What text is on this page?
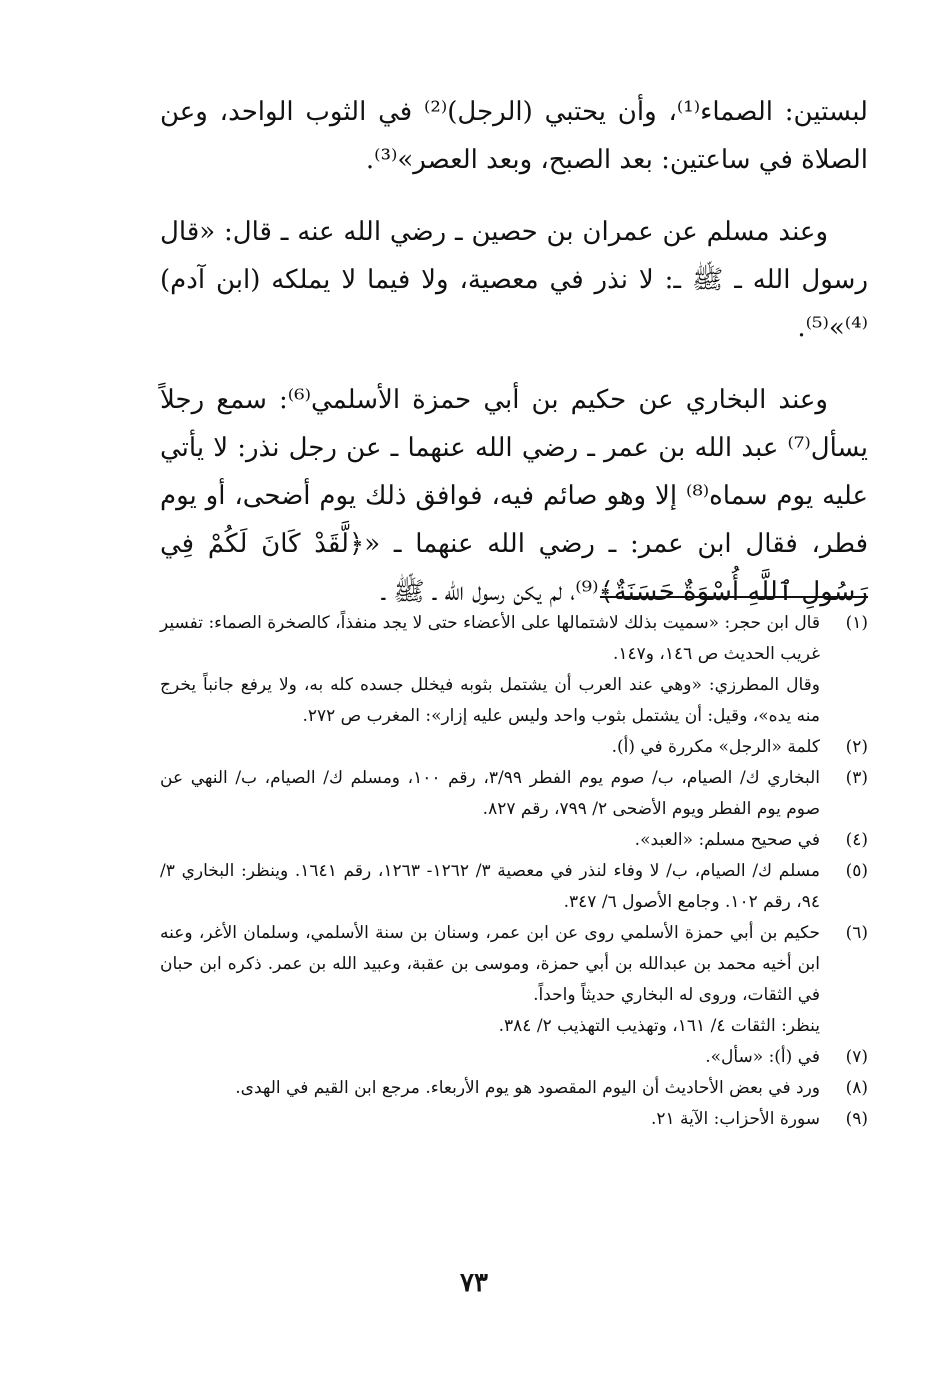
لبستين: الصماء⁽¹⁾، وأن يحتبي (الرجل)⁽²⁾ في الثوب الواحد، وعن الصلاة في ساعتين: بعد الصبح، وبعد العصر»⁽³⁾.

وعند مسلم عن عمران بن حصين ـ رضي الله عنه ـ قال: «قال رسول الله ـ ﷺ ـ: لا نذر في معصية، ولا فيما لا يملكه (ابن آدم)⁽⁴⁾»⁽⁵⁾.

وعند البخاري عن حكيم بن أبي حمزة الأسلمي⁽⁶⁾: سمع رجلاً يسأل⁽⁷⁾ عبد الله بن عمر ـ رضي الله عنهما ـ عن رجل نذر: لا يأتي عليه يوم سماه⁽⁸⁾ إلا وهو صائم فيه، فوافق ذلك يوم أضحى، أو يوم فطر، فقال ابن عمر: ـ رضي الله عنهما ـ «﴿لَّقَدْ كَانَ لَكُمْ فِي رَسُولِ ٱللَّهِ أُسْوَةٌ حَسَنَةٌ﴾⁽⁹⁾، لم يكن رسول الله ـ ﷺ ـ

(١)
قال ابن حجر: «سميت بذلك لاشتمالها على الأعضاء حتى لا يجد منفذاً، كالصخرة الصماء: تفسير غريب الحديث ص ١٤٦، و١٤٧.
وقال المطرزي: «وهي عند العرب أن يشتمل بثوبه فيخلل جسده كله به، ولا يرفع جانباً يخرج منه يده»، وقيل: أن يشتمل بثوب واحد وليس عليه إزار»: المغرب ص ٢٧٢.
(٢)
كلمة «الرجل» مكررة في (أ).
(٣)
البخاري ك/ الصيام، ب/ صوم يوم الفطر ٣/٩٩، رقم ١٠٠، ومسلم ك/ الصيام، ب/ النهي عن صوم يوم الفطر ويوم الأضحى ٢/ ٧٩٩، رقم ٨٢٧.
(٤)
في صحيح مسلم: «العبد».
(٥)
مسلم ك/ الصيام، ب/ لا وفاء لنذر في معصية ٣/ ١٢٦٢- ١٢٦٣، رقم ١٦٤١. وينظر: البخاري ٣/ ٩٤، رقم ١٠٢. وجامع الأصول ٦/ ٣٤٧.
(٦)
حكيم بن أبي حمزة الأسلمي روى عن ابن عمر، وسنان بن سنة الأسلمي، وسلمان الأغر، وعنه ابن أخيه محمد بن عبدالله بن أبي حمزة، وموسى بن عقبة، وعبيد الله بن عمر. ذكره ابن حبان في الثقات، وروى له البخاري حديثاً واحداً.
ينظر: الثقات ٤/ ١٦١، وتهذيب التهذيب ٢/ ٣٨٤.
(٧)
في (أ): «سأل».
(٨)
ورد في بعض الأحاديث أن اليوم المقصود هو يوم الأربعاء. مرجع ابن القيم في الهدى.
(٩)
سورة الأحزاب: الآية ٢١.
٧٣
